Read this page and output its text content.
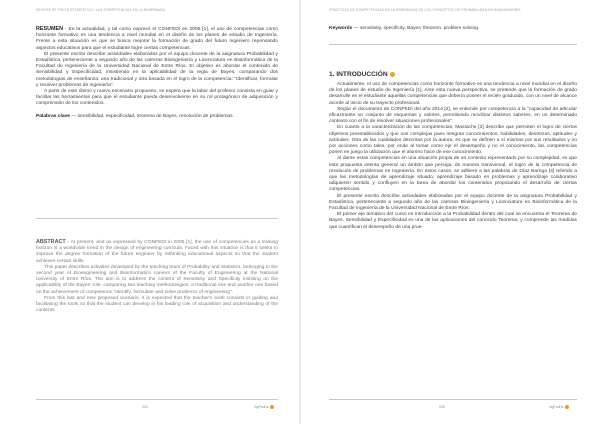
REVISTA DE FÍSICA ESTADÍSTICA / LAS COMPETENCIAS EN LA ENSEÑANZA

RESUMEN - En la actualidad, y tal como expresó el CONFEDI en 2006 [1], el uso de competencias como horizonte formativo es una tendencia a nivel mundial en el diseño de los planes de estudio de Ingeniería. Frente a esta situación es que se busca mejorar la formación de grado del futuro ingeniero repensando aspectos educativos para que el estudiante logre ciertas competencias.

El presente escrito describe actividades elaboradas por el equipo docente de la asignatura Probabilidad y Estadística, perteneciente a segundo año de las carreras Bioingeniería y Licenciatura en Bioinformática de la Facultad de Ingeniería de la Universidad Nacional de Entre Ríos. El objetivo es abordar el contenido de Sensibilidad y Especificidad, insistiendo en la aplicabilidad de la regla de Bayes, comparando dos metodologías de enseñanza: una tradicional y otra basada en el logro de la competencia: "Identificar, formular y resolver problemas de ingeniería".

A partir de este último y nuevo escenario propuesto, se espera que la labor del profesor consista en guiar y facilitar las herramientas para que el estudiante pueda desenvolverse en su rol protagónico de adquisición y comprensión de los contenidos.

Palabras clave — sensibilidad, especificidad, teorema de Bayes, resolución de problemas.

ABSTRACT - At present, and as expressed by CONFEDI in 2006 [1], the use of competencies as a training horizon is a worldwide trend in the design of engineering curricula. Faced with this situation is that it seeks to improve the degree formation of the future engineer by rethinking educational aspects so that the student achieves certain skills.

This paper describes activities developed by the teaching team of Probability and Statistics, belonging to the second year of Bioengineering and Bioinformatics careers of the Faculty of Engineering at the National University of Entre Ríos. The aim is to address the content of Sensitivity and Specificity insisting on the applicability of the Bayes' rule, comparing two teaching methodologies: a traditional one and another one based on the achievement of competence "Identify, formulate and solve problems of engineering".

From this last and new proposed scenario, it is expected that the teacher's work consists in guiding and facilitating the tools so that the student can develop in his leading role of acquisition and understanding of the contents.

224	ingPodría
PRÁCTICAS DE COMPETENCIAS EN LA ENSEÑANZA DE LOS CONCEPTOS DE PROBABILIDAD EN BIOINGENIERÍA

Keywords — sensitivity, specificity, Bayes' theorem, problem solving.

1. INTRODUCCIÓN

Actualmente, el uso de competencias como horizonte formativo es una tendencia a nivel mundial en el diseño de los planes de estudio de Ingeniería [1]. Ante esta nueva perspectiva, se pretende que la formación de grado desarrolle en el estudiante aquellas competencias que debería poseer el recién graduado, con un nivel de alcance acorde al inicio de su trayecto profesional.

Según el documento de CONFEDI del año 2014 [2], se entiende por competencia a la "capacidad de articular eficazmente un conjunto de esquemas y valores, permitiendo movilizar distintos saberes, en un determinado contexto con el fin de resolver situaciones profesionales".

En cuanto a la caracterización de las competencias, Mastache [3] describe que permiten el logro de ciertos objetivos preestablecidos y que son complejas pues integran conocimientos, habilidades, destrezas, aptitudes y actitudes. Otra de las cualidades descritas por la autora, es que se definen a sí mismas por sus resultados y no por acciones como tales, por ende al tomar como eje el desempeño y no el conocimiento, las competencias ponen en juego la utilización que el alumno hace de ese conocimiento.

Al darse estas competencias en una situación propia de un contexto representado por su complejidad, es que esta propuesta intenta generar un ámbito que persiga, de manera transversal, el logro de la competencia de resolución de problemas en Ingeniería. En estos casos, se adhiere a las palabras de Díaz Barriga [4] referido a que las metodologías de aprendizaje situado, aprendizaje basado en problemas y aprendizaje colaborativo adquieren sentido y confluyen en la tarea de abordar los contenidos propiciando el desarrollo de ciertas competencias.

El presente escrito describe actividades elaboradas por el equipo docente de la asignatura Probabilidad y Estadística, perteneciente a segundo año de las carreras Bioingeniería y Licenciatura en Bioinformática de la Facultad de Ingeniería de la Universidad Nacional de Entre Ríos.

El primer eje temático del curso es Introducción a la Probabilidad dentro del cual se encuentra el Teorema de Bayes. Sensibilidad y Especificidad es una de las aplicaciones del conocido Teorema, y comprende las medidas que cuantifican el desempeño de una prue-

225	ingPodría
